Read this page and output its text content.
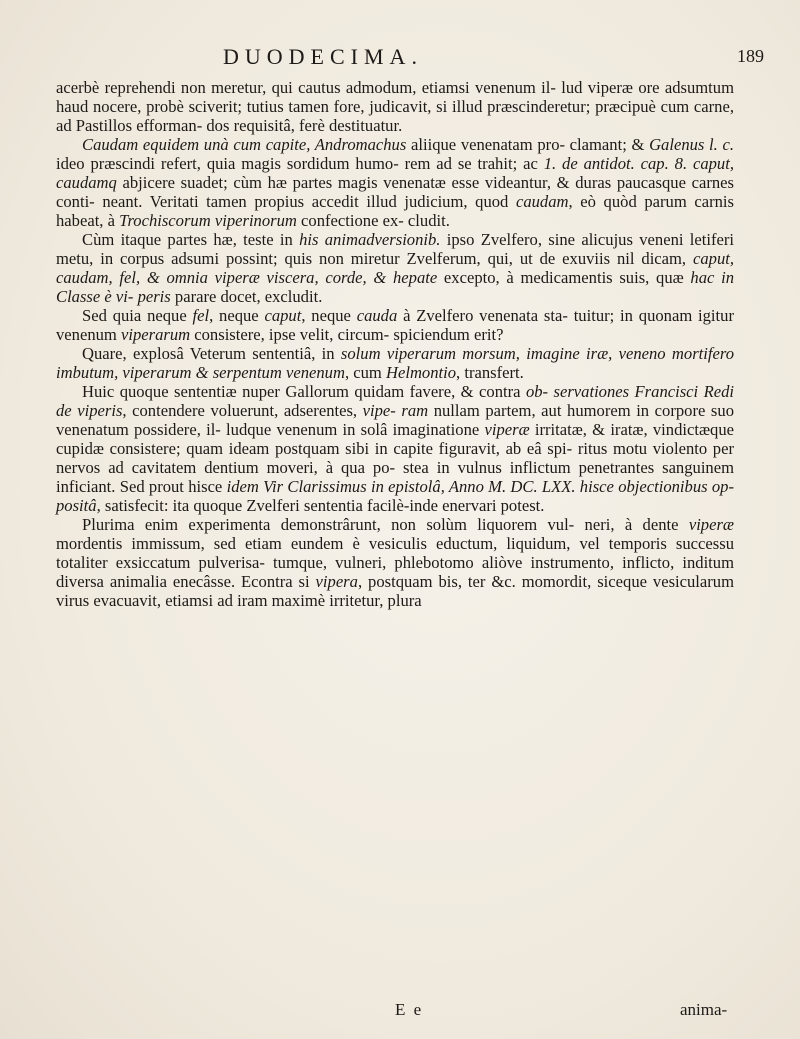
DUODECIMA.	189

acerbè reprehendi non meretur, qui cautus admodum, etiamsi venenum il- lud viperæ ore adsumtum haud nocere, probè sciverit; tutius tamen fore, judicavit, si illud præscinderetur; præcipuè cum carne, ad Pastillos efforman- dos requisitâ, ferè destituatur.

Caudam equidem unà cum capite, Andromachus aliique venenatam pro- clamant; & Galenus l. c. ideo præscindi refert, quia magis sordidum humo- rem ad se trahit; ac 1. de antidot. cap. 8. caput, caudamq abjicere suadet; cùm hæ partes magis venenatæ esse videantur, & duras paucasque carnes conti- neant. Veritati tamen propius accedit illud judicium, quod caudam, eò quòd parum carnis habeat, à Trochiscorum viperinorum confectione ex- cludit.

Cùm itaque partes hæ, teste in his animadversionib. ipso Zvelfero, sine alicujus veneni letiferi metu, in corpus adsumi possint; quis non miretur Zvelferum, qui, ut de exuviis nil dicam, caput, caudam, fel, & omnia viperæ viscera, corde, & hepate excepto, à medicamentis suis, quæ hac in Classe è vi- peris parare docet, excludit.

Sed quia neque fel, neque caput, neque cauda à Zvelfero venenata sta- tuitur; in quonam igitur venenum viperarum consistere, ipse velit, circum- spiciendum erit?

Quare, explosâ Veterum sententiâ, in solum viperarum morsum, imagine iræ, veneno mortifero imbutum, viperarum & serpentum venenum, cum Helmontio, transfert.

Huic quoque sententiæ nuper Gallorum quidam favere, & contra ob- servationes Francisci Redi de viperis, contendere voluerunt, adserentes, vipe- ram nullam partem, aut humorem in corpore suo venenatum possidere, il- ludque venenum in solâ imaginatione viperæ irritatæ, & iratæ, vindictæque cupidæ consistere; quam ideam postquam sibi in capite figuravit, ab eâ spi- ritus motu violento per nervos ad cavitatem dentium moveri, à qua po- stea in vulnus inflictum penetrantes sanguinem inficiant. Sed prout hisce idem Vir Clarissimus in epistolâ, Anno M. DC. LXX. hisce objectionibus op- positâ, satisfecit: ita quoque Zvelferi sententia facilè-inde enervari potest.

Plurima enim experimenta demonstrârunt, non solùm liquorem vul- neri, à dente viperæ mordentis immissum, sed etiam eundem è vesiculis eductum, liquidum, vel temporis successu totaliter exsiccatum pulverisa- tumque, vulneri, phlebotomo aliòve instrumento, inflicto, inditum diversa animalia enecâsse. Econtra si vipera, postquam bis, ter &c. momordit, siceque vesicularum virus evacuavit, etiamsi ad iram maximè irritetur, plura

E e	anima-
